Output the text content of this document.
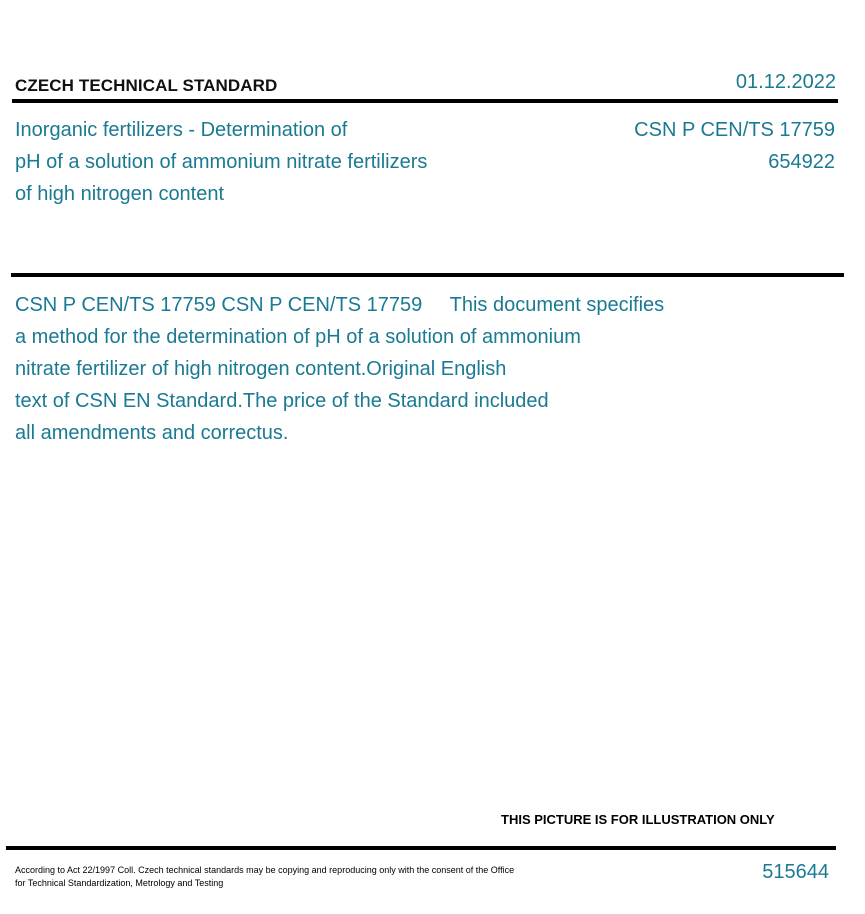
CZECH TECHNICAL STANDARD	01.12.2022
Inorganic fertilizers - Determination of
pH of a solution of ammonium nitrate fertilizers
of high nitrogen content
CSN P CEN/TS 17759
654922
CSN P CEN/TS 17759 CSN P CEN/TS 17759     This document specifies
a method for the determination of pH of a solution of ammonium
nitrate fertilizer of high nitrogen content.Original English
text of CSN EN Standard.The price of the Standard included
all amendments and correctus.
THIS PICTURE IS FOR ILLUSTRATION ONLY
According to Act 22/1997 Coll. Czech technical standards may be copying and reproducing only with the consent of the Office
for Technical Standardization, Metrology and Testing	515644
